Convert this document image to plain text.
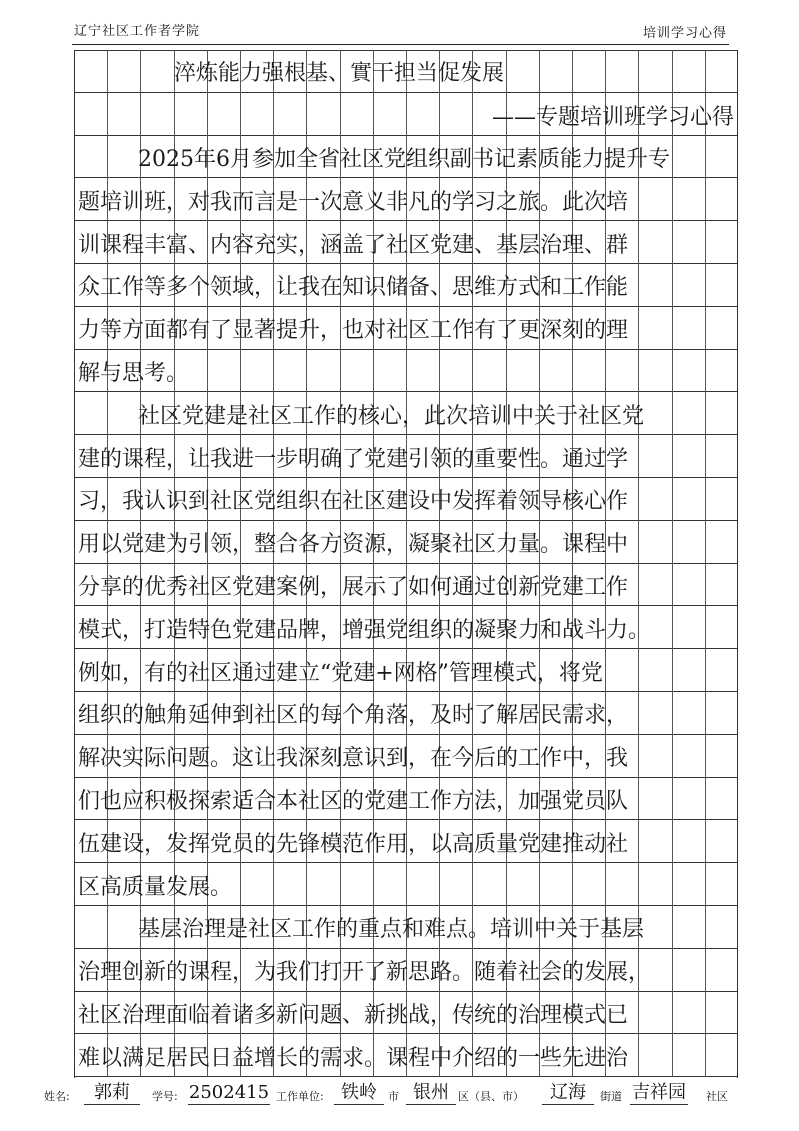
辽宁社区工作者学院	培训学习心得
淬炼能力强根基、實干担当促发展
——专题培训班学习心得
2025年6月参加全省社区党组织副书记素质能力提升专
题培训班，对我而言是一次意义非凡的学习之旅。此次培
训课程丰富、内容充实，涵盖了社区党建、基层治理、群
众工作等多个领域，让我在知识储备、思维方式和工作能
力等方面都有了显著提升，也对社区工作有了更深刻的理
解与思考。
社区党建是社区工作的核心，此次培训中关于社区党
建的课程，让我进一步明确了党建引领的重要性。通过学
习，我认识到社区党组织在社区建设中发挥着领导核心作
用以党建为引领，整合各方资源，凝聚社区力量。课程中
分享的优秀社区党建案例，展示了如何通过创新党建工作
模式，打造特色党建品牌，增强党组织的凝聚力和战斗力。
例如，有的社区通过建立“党建+网格”管理模式，将党
组织的触角延伸到社区的每个角落，及时了解居民需求，
解决实际问题。这让我深刻意识到，在今后的工作中，我
们也应积极探索适合本社区的党建工作方法，加强党员队
伍建设，发挥党员的先锋模范作用，以高质量党建推动社
区高质量发展。
基层治理是社区工作的重点和难点。培训中关于基层
治理创新的课程，为我们打开了新思路。随着社会的发展，
社区治理面临着诸多新问题、新挑战，传统的治理模式已
难以满足居民日益增长的需求。课程中介绍的一些先进治
姓名:	郭莉	学号: 2502415 工作单位: 铁岭	市 银州 区（县、市）	辽海	街道 吉祥园 社区
